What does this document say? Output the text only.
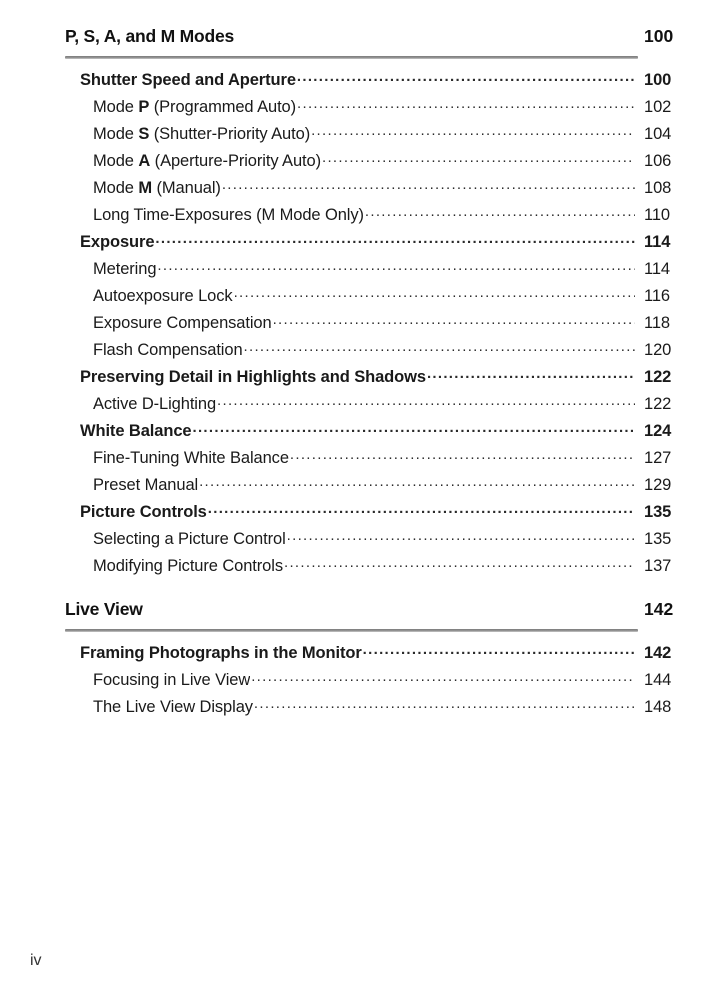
P, S, A, and M Modes	100
Shutter Speed and Aperture .....	100
Mode P (Programmed Auto) .....	102
Mode S (Shutter-Priority Auto) .....	104
Mode A (Aperture-Priority Auto) .....	106
Mode M (Manual) .....	108
Long Time-Exposures (M Mode Only) .....	110
Exposure .....	114
Metering .....	114
Autoexposure Lock .....	116
Exposure Compensation .....	118
Flash Compensation .....	120
Preserving Detail in Highlights and Shadows .....	122
Active D-Lighting .....	122
White Balance .....	124
Fine-Tuning White Balance .....	127
Preset Manual .....	129
Picture Controls .....	135
Selecting a Picture Control .....	135
Modifying Picture Controls .....	137
Live View	142
Framing Photographs in the Monitor .....	142
Focusing in Live View .....	144
The Live View Display .....	148
iv
